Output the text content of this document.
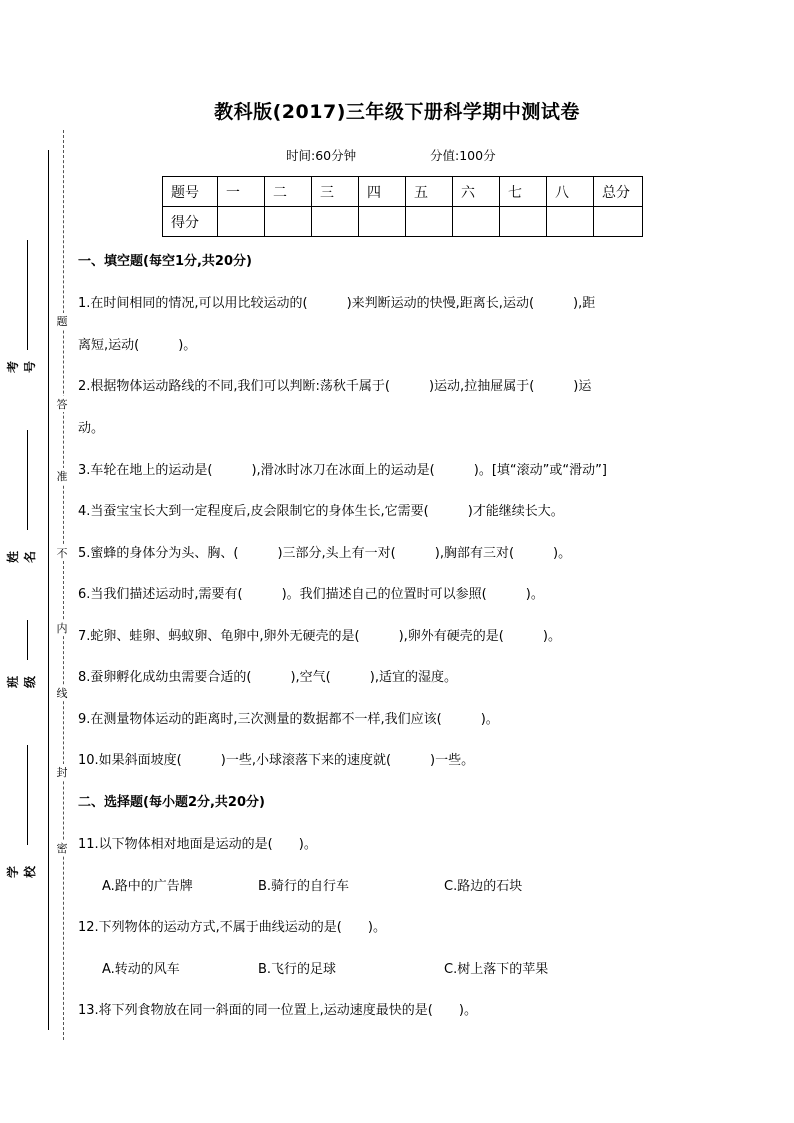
考号
姓名
班级
学校
题
答
准
不
内
线
封
密
教科版(2017)三年级下册科学期中测试卷
时间:60分钟	分值:100分
题号	一	二	三	四	五	六	七	八	总分
得分									
一、填空题(每空1分,共20分)
1.在时间相同的情况,可以用比较运动的(　　　)来判断运动的快慢,距离长,运动(　　　),距
离短,运动(　　　)。
2.根据物体运动路线的不同,我们可以判断:荡秋千属于(　　　)运动,拉抽屉属于(　　　)运
动。
3.车轮在地上的运动是(　　　),滑冰时冰刀在冰面上的运动是(　　　)。[填“滚动”或“滑动”]
4.当蚕宝宝长大到一定程度后,皮会限制它的身体生长,它需要(　　　)才能继续长大。
5.蜜蜂的身体分为头、胸、(　　　)三部分,头上有一对(　　　),胸部有三对(　　　)。
6.当我们描述运动时,需要有(　　　)。我们描述自己的位置时可以参照(　　　)。
7.蛇卵、蛙卵、蚂蚁卵、龟卵中,卵外无硬壳的是(　　　),卵外有硬壳的是(　　　)。
8.蚕卵孵化成幼虫需要合适的(　　　),空气(　　　),适宜的湿度。
9.在测量物体运动的距离时,三次测量的数据都不一样,我们应该(　　　)。
10.如果斜面坡度(　　　)一些,小球滚落下来的速度就(　　　)一些。
二、选择题(每小题2分,共20分)
11.以下物体相对地面是运动的是(　　)。
A.路中的广告牌	B.骑行的自行车	C.路边的石块
12.下列物体的运动方式,不属于曲线运动的是(　　)。
A.转动的风车	B.飞行的足球	C.树上落下的苹果
13.将下列食物放在同一斜面的同一位置上,运动速度最快的是(　　)。
